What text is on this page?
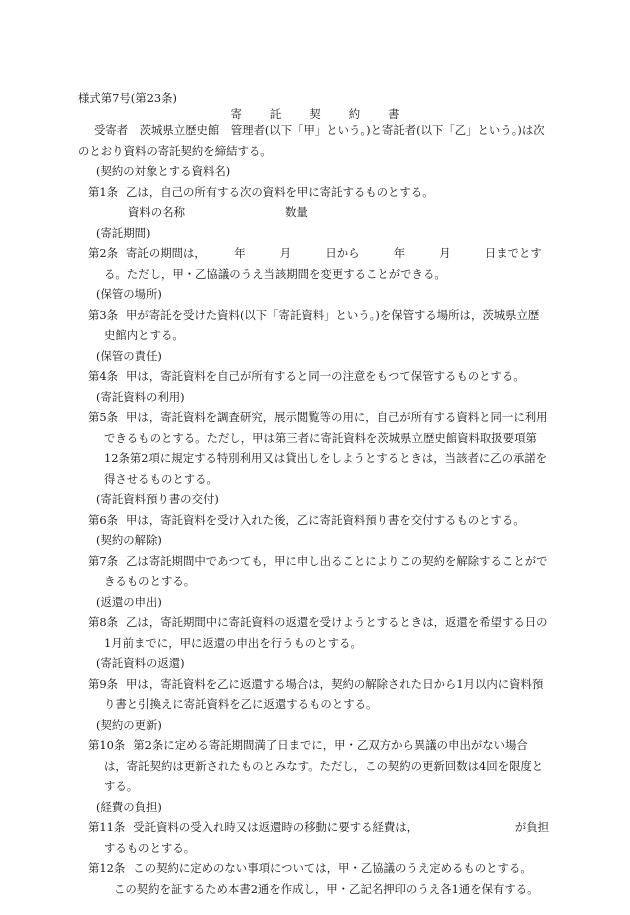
様式第7号(第23条)
寄 託 契 約 書

受寄者　茨城県立歴史館　管理者(以下「甲」という。)と寄託者(以下「乙」という。)は次のとおり資料の寄託契約を締結する。

(契約の対象とする資料名)
第1条 乙は，自己の所有する次の資料を甲に寄託するものとする。
資料の名称	数量
(寄託期間)
第2条 寄託の期間は，　　　年　　　月　　　日から　　　年　　　月　　　日までとする。ただし，甲・乙協議のうえ当該期間を変更することができる。
(保管の場所)
第3条 甲が寄託を受けた資料(以下「寄託資料」という。)を保管する場所は，茨城県立歴史館内とする。
(保管の責任)
第4条 甲は，寄託資料を自己が所有すると同一の注意をもつて保管するものとする。
(寄託資料の利用)
第5条 甲は，寄託資料を調査研究，展示閲覧等の用に，自己が所有する資料と同一に利用できるものとする。ただし，甲は第三者に寄託資料を茨城県立歴史館資料取扱要項第12条第2項に規定する特別利用又は貸出しをしようとするときは，当該者に乙の承諾を得させるものとする。
(寄託資料預り書の交付)
第6条 甲は，寄託資料を受け入れた後，乙に寄託資料預り書を交付するものとする。
(契約の解除)
第7条 乙は寄託期間中であつても，甲に申し出ることによりこの契約を解除することができるものとする。
(返還の申出)
第8条 乙は，寄託期間中に寄託資料の返還を受けようとするときは，返還を希望する日の1月前までに，甲に返還の申出を行うものとする。
(寄託資料の返還)
第9条 甲は，寄託資料を乙に返還する場合は，契約の解除された日から1月以内に資料預り書と引換えに寄託資料を乙に返還するものとする。
(契約の更新)
第10条 第2条に定める寄託期間満了日までに，甲・乙双方から異議の申出がない場合は，寄託契約は更新されたものとみなす。ただし，この契約の更新回数は4回を限度とする。
(経費の負担)
第11条 受託資料の受入れ時又は返還時の移動に要する経費は，　　　　　　　　　が負担するものとする。
第12条 この契約に定めのない事項については，甲・乙協議のうえ定めるものとする。
この契約を証するため本書2通を作成し，甲・乙記名押印のうえ各1通を保有する。
